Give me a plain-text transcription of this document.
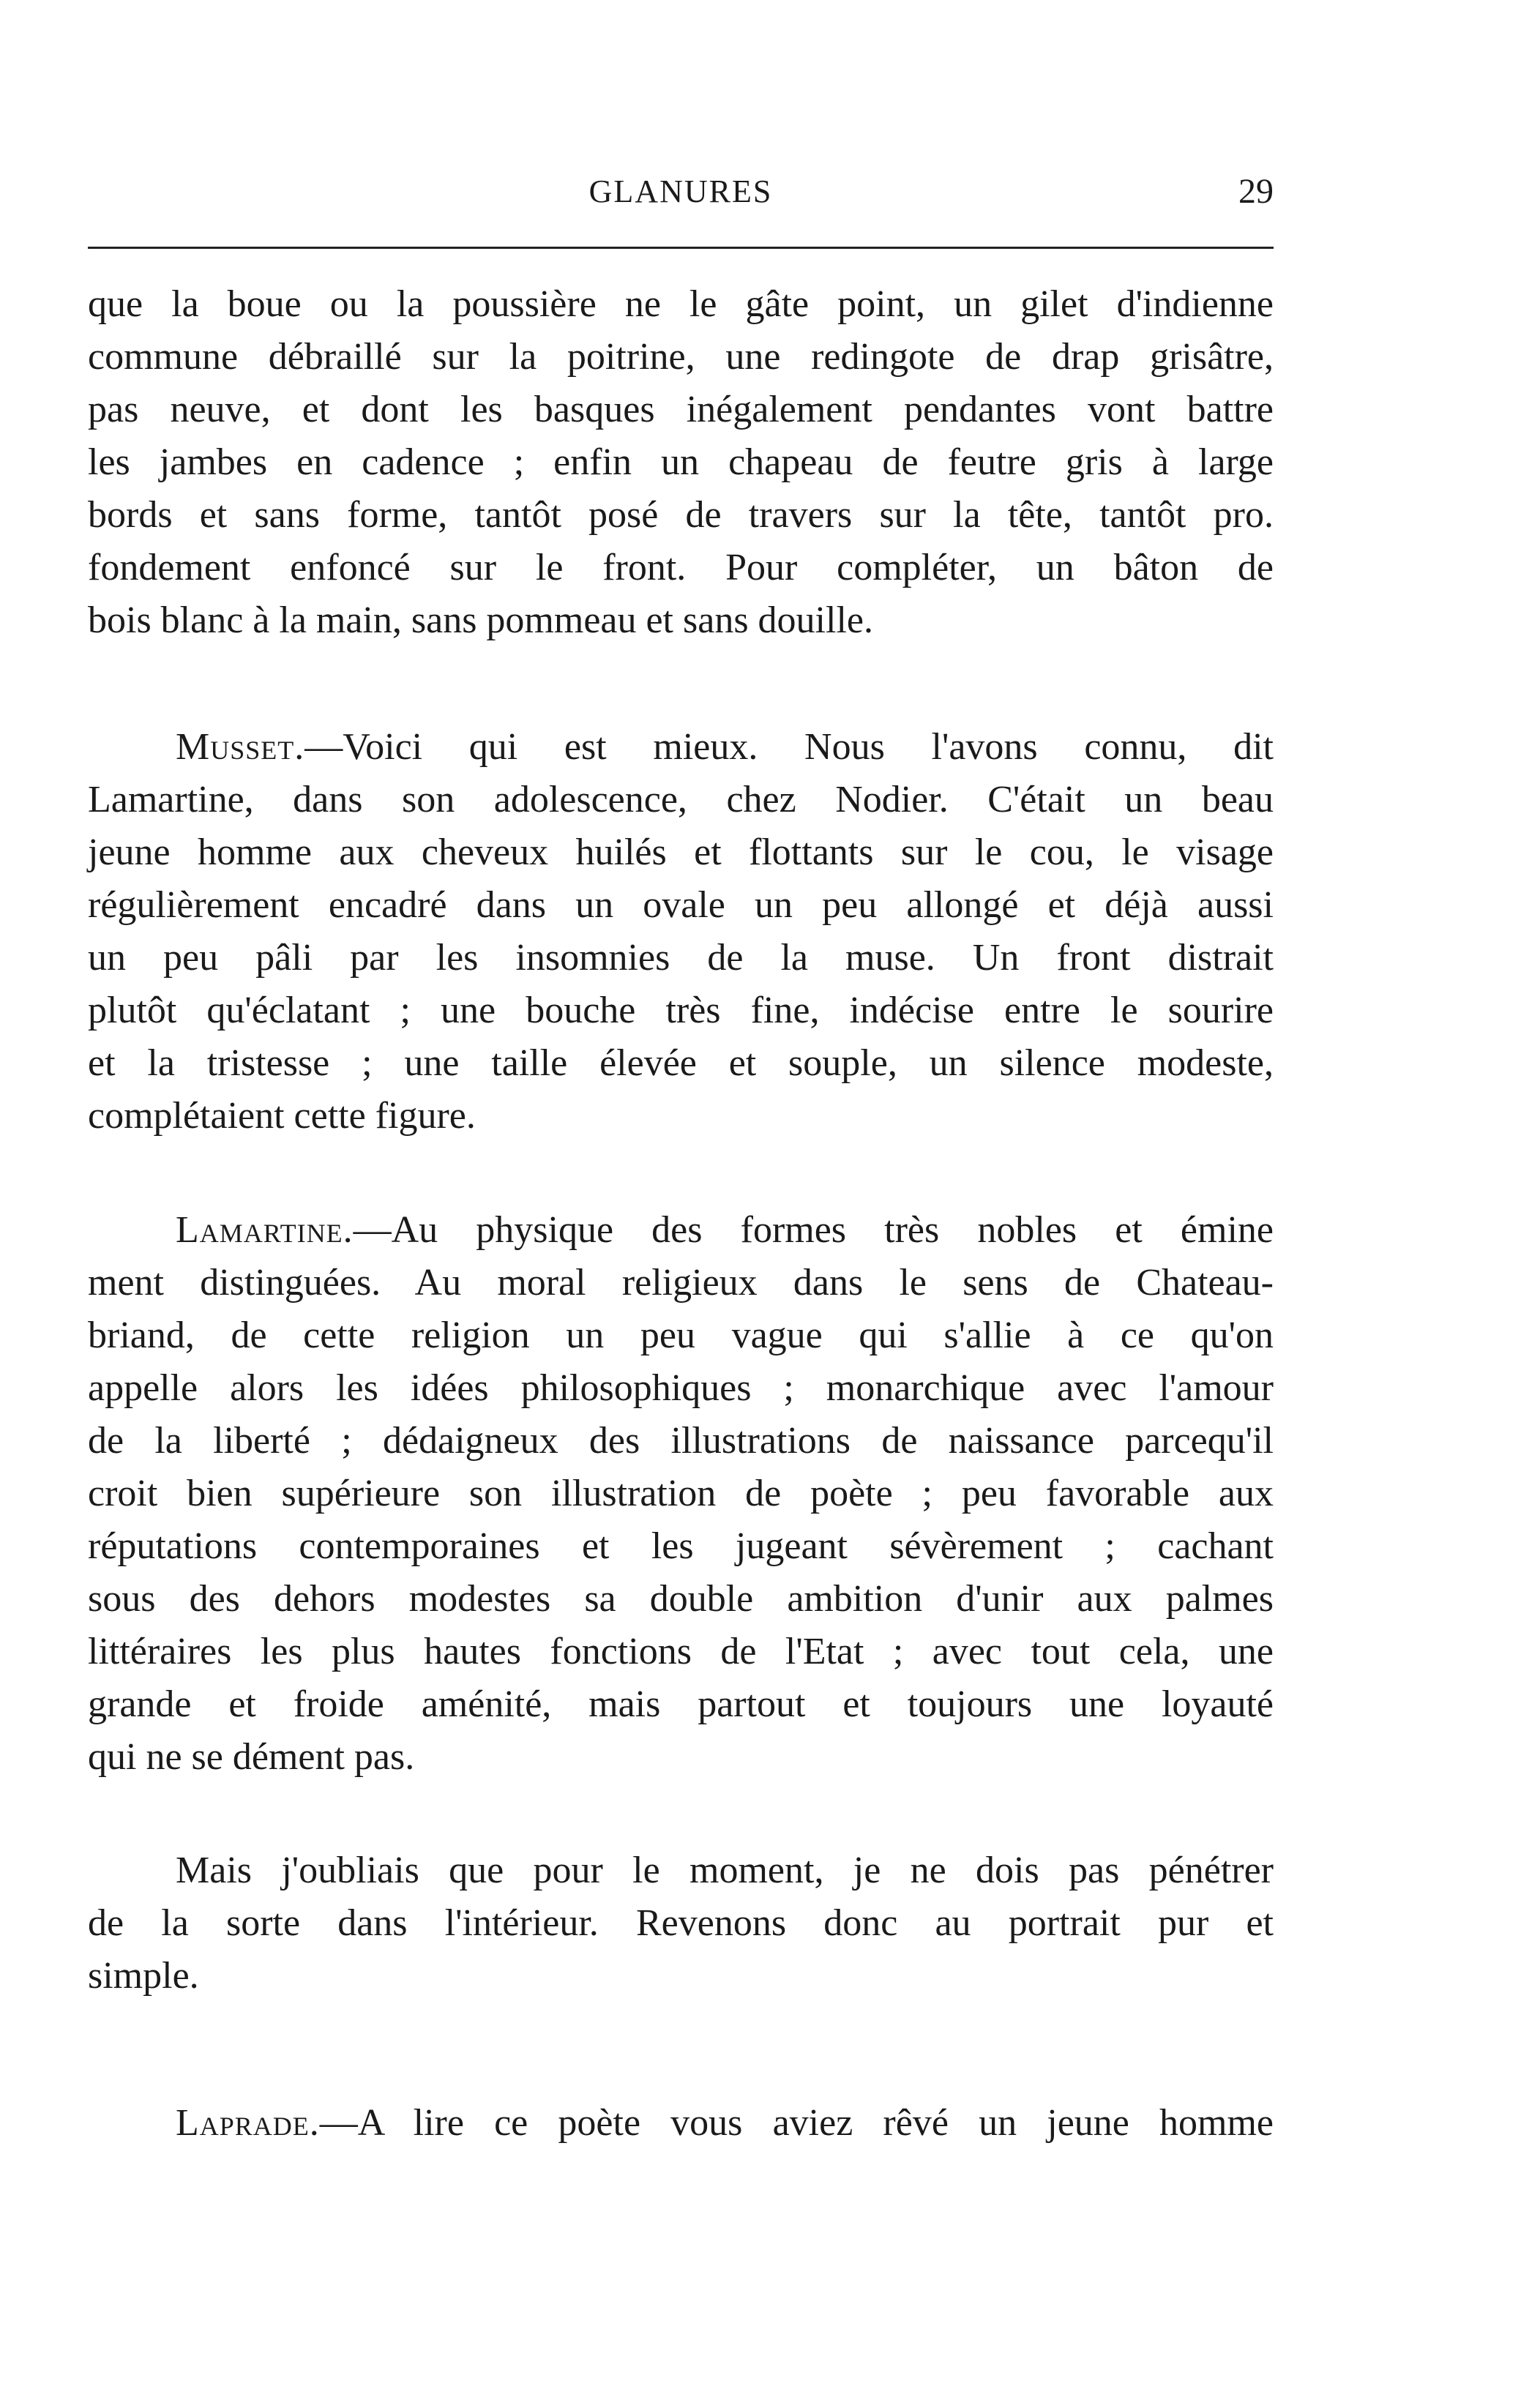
GLANURES	29
que la boue ou la poussière ne le gâte point, un gilet d'indienne
commune débraillé sur la poitrine, une redingote de drap grisâtre,
pas neuve, et dont les basques inégalement pendantes vont battre
les jambes en cadence ; enfin un chapeau de feutre gris à large
bords et sans forme, tantôt posé de travers sur la tête, tantôt pro.
fondement enfoncé sur le front. Pour compléter, un bâton de
bois blanc à la main, sans pommeau et sans douille.
Musset.—Voici qui est mieux. Nous l'avons connu, dit
Lamartine, dans son adolescence, chez Nodier. C'était un beau
jeune homme aux cheveux huilés et flottants sur le cou, le visage
régulièrement encadré dans un ovale un peu allongé et déjà aussi
un peu pâli par les insomnies de la muse. Un front distrait
plutôt qu'éclatant ; une bouche très fine, indécise entre le sourire
et la tristesse ; une taille élevée et souple, un silence modeste,
complétaient cette figure.
Lamartine.—Au physique des formes très nobles et émine
ment distinguées. Au moral religieux dans le sens de Chateau-
briand, de cette religion un peu vague qui s'allie à ce qu'on
appelle alors les idées philosophiques ; monarchique avec l'amour
de la liberté ; dédaigneux des illustrations de naissance parcequ'il
croit bien supérieure son illustration de poète ; peu favorable aux
réputations contemporaines et les jugeant sévèrement ; cachant
sous des dehors modestes sa double ambition d'unir aux palmes
littéraires les plus hautes fonctions de l'Etat ; avec tout cela, une
grande et froide aménité, mais partout et toujours une loyauté
qui ne se dément pas.
Mais j'oubliais que pour le moment, je ne dois pas pénétrer
de la sorte dans l'intérieur. Revenons donc au portrait pur et
simple.
Laprade.—A lire ce poète vous aviez rêvé un jeune homme
